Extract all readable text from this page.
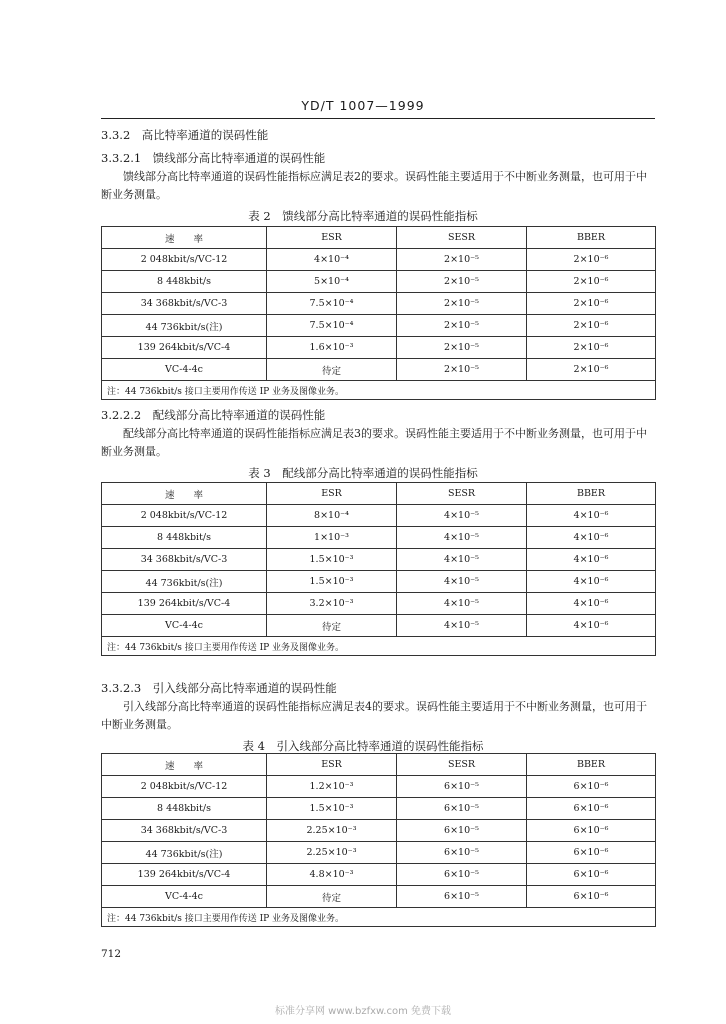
YD/T 1007—1999
3.3.2　高比特率通道的误码性能
3.3.2.1　馈线部分高比特率通道的误码性能
馈线部分高比特率通道的误码性能指标应满足表2的要求。误码性能主要适用于不中断业务测量，也可用于中断业务测量。
表 2　馈线部分高比特率通道的误码性能指标
速　　率	ESR	SESR	BBER
2 048kbit/s/VC-12	4×10⁻⁴	2×10⁻⁵	2×10⁻⁶
8 448kbit/s	5×10⁻⁴	2×10⁻⁵	2×10⁻⁶
34 368kbit/s/VC-3	7.5×10⁻⁴	2×10⁻⁵	2×10⁻⁶
44 736kbit/s(注)	7.5×10⁻⁴	2×10⁻⁵	2×10⁻⁶
139 264kbit/s/VC-4	1.6×10⁻³	2×10⁻⁵	2×10⁻⁶
VC-4-4c	待定	2×10⁻⁵	2×10⁻⁶
注：44 736kbit/s 接口主要用作传送 IP 业务及图像业务。			
3.2.2.2　配线部分高比特率通道的误码性能
配线部分高比特率通道的误码性能指标应满足表3的要求。误码性能主要适用于不中断业务测量，也可用于中断业务测量。
表 3　配线部分高比特率通道的误码性能指标
速　　率	ESR	SESR	BBER
2 048kbit/s/VC-12	8×10⁻⁴	4×10⁻⁵	4×10⁻⁶
8 448kbit/s	1×10⁻³	4×10⁻⁵	4×10⁻⁶
34 368kbit/s/VC-3	1.5×10⁻³	4×10⁻⁵	4×10⁻⁶
44 736kbit/s(注)	1.5×10⁻³	4×10⁻⁵	4×10⁻⁶
139 264kbit/s/VC-4	3.2×10⁻³	4×10⁻⁵	4×10⁻⁶
VC-4-4c	待定	4×10⁻⁵	4×10⁻⁶
注：44 736kbit/s 接口主要用作传送 IP 业务及图像业务。			
3.3.2.3　引入线部分高比特率通道的误码性能
引入线部分高比特率通道的误码性能指标应满足表4的要求。误码性能主要适用于不中断业务测量，也可用于中断业务测量。
表 4　引入线部分高比特率通道的误码性能指标
速　　率	ESR	SESR	BBER
2 048kbit/s/VC-12	1.2×10⁻³	6×10⁻⁵	6×10⁻⁶
8 448kbit/s	1.5×10⁻³	6×10⁻⁵	6×10⁻⁶
34 368kbit/s/VC-3	2.25×10⁻³	6×10⁻⁵	6×10⁻⁶
44 736kbit/s(注)	2.25×10⁻³	6×10⁻⁵	6×10⁻⁶
139 264kbit/s/VC-4	4.8×10⁻³	6×10⁻⁵	6×10⁻⁶
VC-4-4c	待定	6×10⁻⁵	6×10⁻⁶
注：44 736kbit/s 接口主要用作传送 IP 业务及图像业务。			
712
标准分享网 www.bzfxw.com 免费下载
